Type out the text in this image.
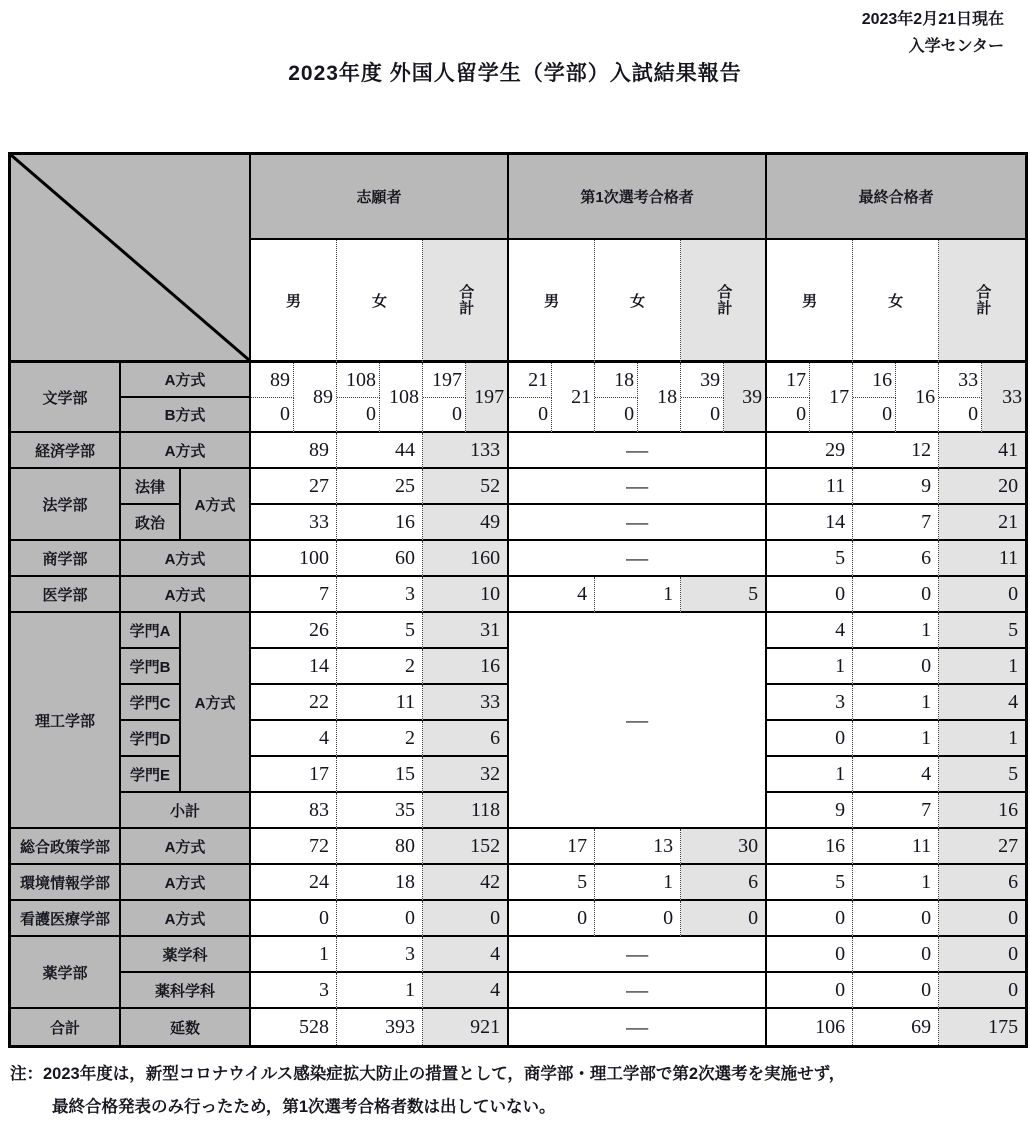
2023年2月21日現在
入学センター
2023年度 外国人留学生（学部）入試結果報告
	志願者						第1次選考合格者						最終合格者					
			男		女		合計		男		女		合計		男		女		合計	

文学部	A方式		89	89	108	108	197	197	21	21	18	18	39	39	17	17	16	16	33	33
	B方式		0		0		0		0		0		0		0		0		0	
経済学部	A方式		89		44		133		—						29		12		41	
法学部	法律	A方式	27		25		52		—						11		9		20	
	政治		33		16		49		—						14		7		21	
商学部	A方式		100		60		160		—						5		6		11	
医学部	A方式		7		3		10		4		1		5		0		0		0	
理工学部	学門A	A方式	26		5		31		—						4		1		5	
	学門B		14		2		16								1		0		1	
	学門C		22		11		33								3		1		4	
	学門D		4		2		6								0		1		1	
	学門E		17		15		32								1		4		5	
	小計		83		35		118								9		7		16	
総合政策学部	A方式		72		80		152		17		13		30		16		11		27	
環境情報学部	A方式		24		18		42		5		1		6		5		1		6	
看護医療学部	A方式		0		0		0		0		0		0		0		0		0	
薬学部	薬学科		1		3		4		—						0		0		0	
	薬科学科		3		1		4		—						0		0		0	
合計	延数		528		393		921		—						106		69		175	
注：2023年度は，新型コロナウイルス感染症拡大防止の措置として，商学部・理工学部で第2次選考を実施せず，
最終合格発表のみ行ったため，第1次選考合格者数は出していない。
